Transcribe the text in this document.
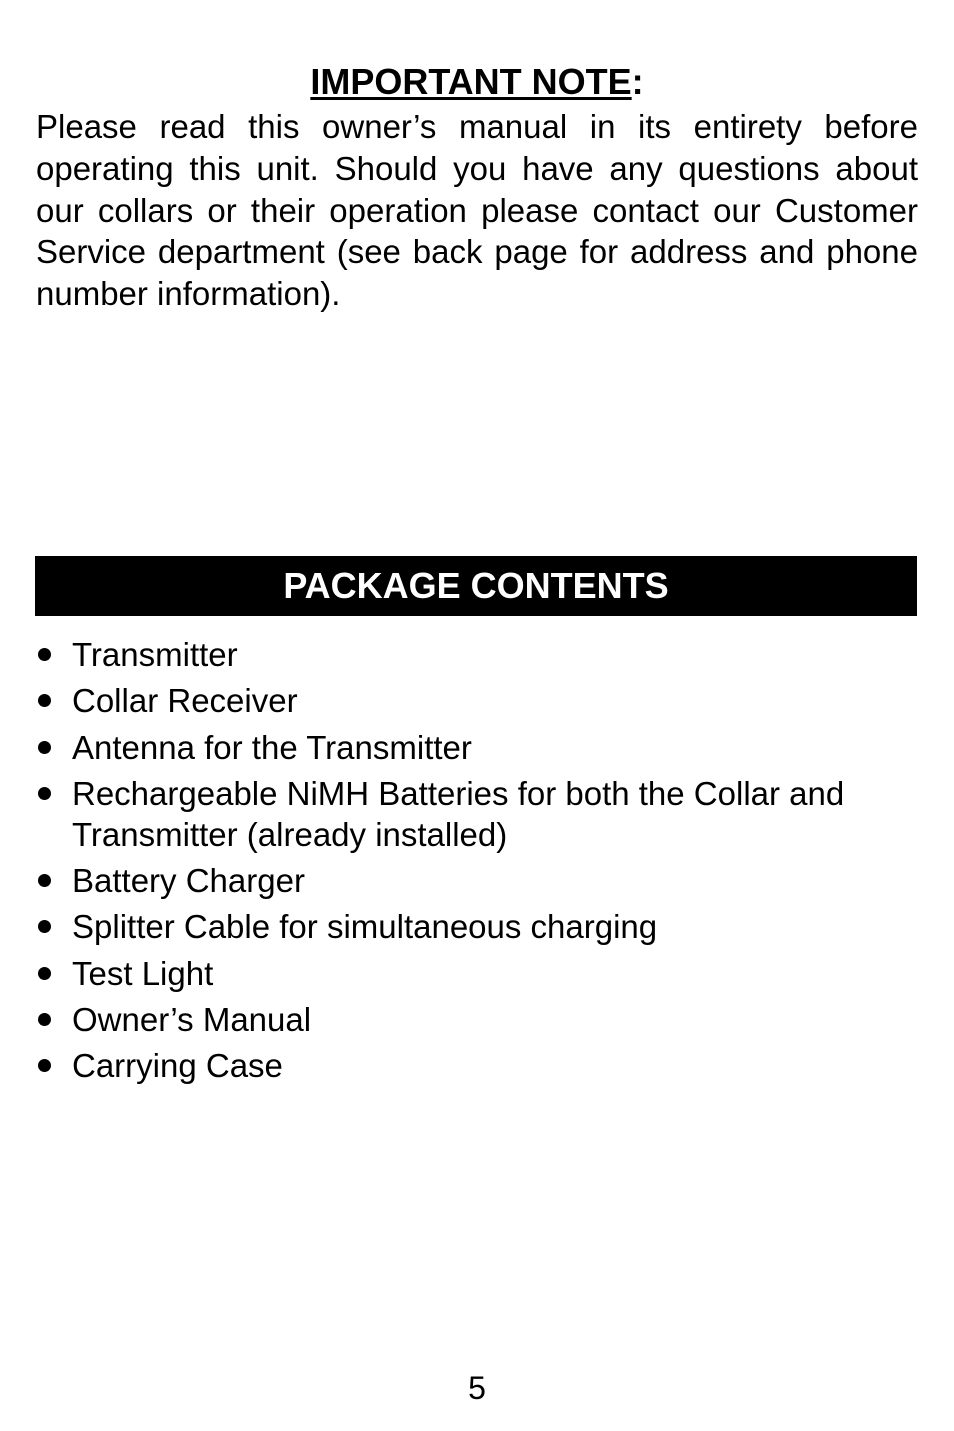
IMPORTANT NOTE:

Please read this owner’s manual in its entirety before operating this unit. Should you have any questions about our collars or their operation please contact our Customer Service department (see back page for address and phone number information).

PACKAGE CONTENTS
Transmitter
Collar Receiver
Antenna for the Transmitter
Rechargeable NiMH Batteries for both the Collar and Transmitter (already installed)
Battery Charger
Splitter Cable for simultaneous charging
Test Light
Owner’s Manual
Carrying Case
5
